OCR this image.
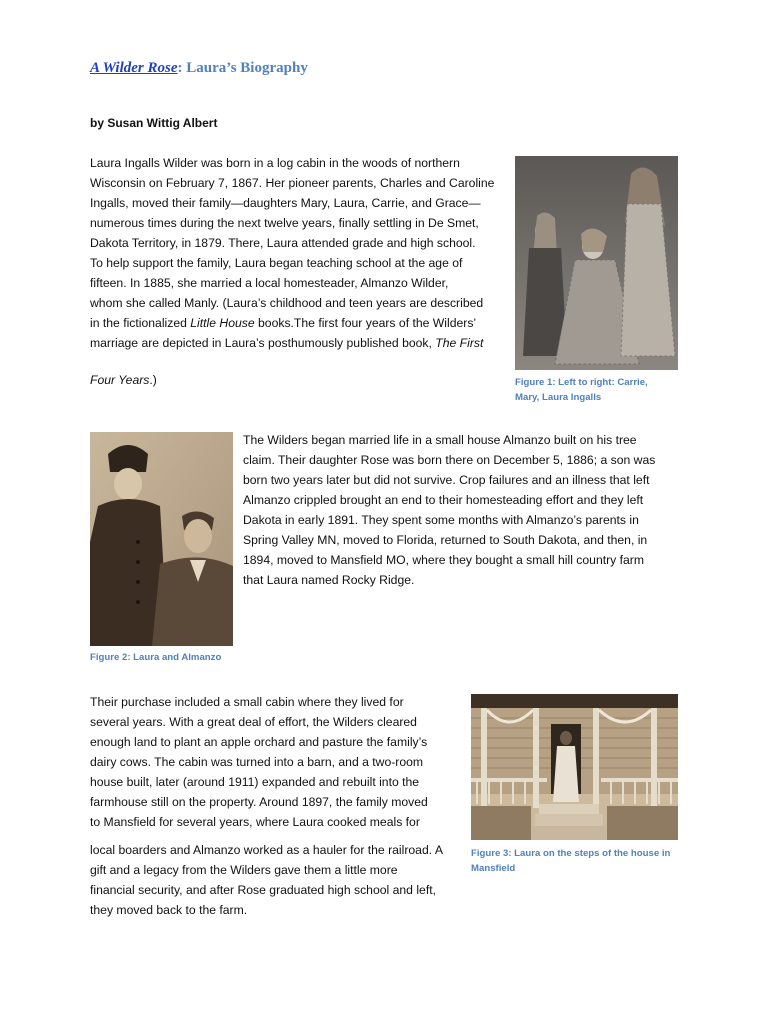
A Wilder Rose: Laura’s Biography
by Susan Wittig Albert
Laura Ingalls Wilder was born in a log cabin in the woods of northern
Wisconsin on February 7, 1867. Her pioneer parents, Charles and Caroline
Ingalls, moved their family—daughters Mary, Laura, Carrie, and Grace—
numerous times during the next twelve years, finally settling in De Smet,
Dakota Territory, in 1879. There, Laura attended grade and high school.
To help support the family, Laura began teaching school at the age of
fifteen. In 1885, she married a local homesteader, Almanzo Wilder,
whom she called Manly. (Laura’s childhood and teen years are described
in the fictionalized Little House books.The first four years of the Wilders’
marriage are depicted in Laura’s posthumously published book, The First
Four Years.)	Figure 1: Left to right: Carrie,
Mary, Laura Ingalls
Figure 2: Laura and Almanzo
The Wilders began married life in a small house Almanzo built on his tree
claim. Their daughter Rose was born there on December 5, 1886; a son was
born two years later but did not survive. Crop failures and an illness that left
Almanzo crippled brought an end to their homesteading effort and they left
Dakota in early 1891. They spent some months with Almanzo’s parents in
Spring Valley MN, moved to Florida, returned to South Dakota, and then, in
1894, moved to Mansfield MO, where they bought a small hill country farm
that Laura named Rocky Ridge.
Their purchase included a small cabin where they lived for
several years. With a great deal of effort, the Wilders cleared
enough land to plant an apple orchard and pasture the family’s
dairy cows. The cabin was turned into a barn, and a two-room
house built, later (around 1911) expanded and rebuilt into the
farmhouse still on the property. Around 1897, the family moved
to Mansfield for several years, where Laura cooked meals for
local boarders and Almanzo worked as a hauler for the railroad. A
gift and a legacy from the Wilders gave them a little more
financial security, and after Rose graduated high school and left,
they moved back to the farm.
Figure 3: Laura on the steps of the house in
Mansfield
